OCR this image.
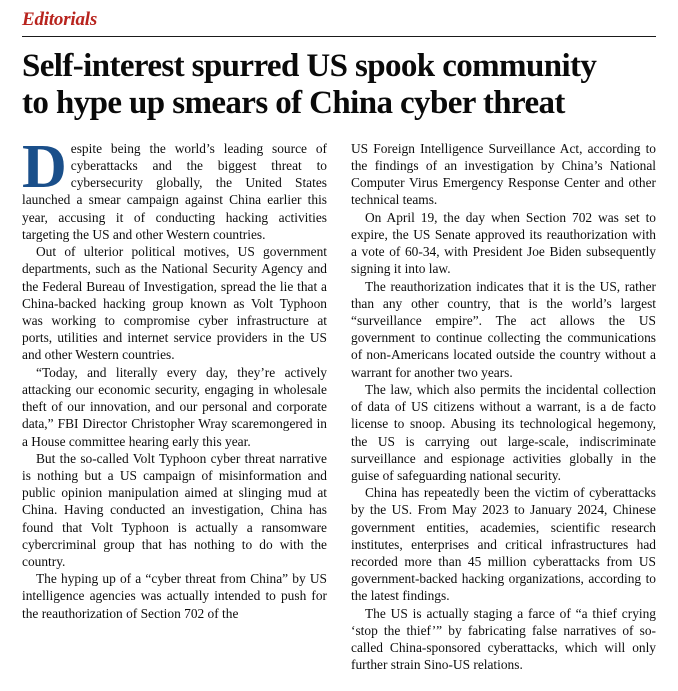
Editorials
Self-interest spurred US spook community
to hype up smears of China cyber threat

Despite being the world’s leading source of cyberattacks and the biggest threat to cybersecurity globally, the United States launched a smear campaign against China earlier this year, accusing it of conducting hacking activities targeting the US and other Western countries.

Out of ulterior political motives, US government departments, such as the National Security Agency and the Federal Bureau of Investigation, spread the lie that a China-backed hacking group known as Volt Typhoon was working to compromise cyber infrastructure at ports, utilities and internet service providers in the US and other Western countries.

“Today, and literally every day, they’re actively attacking our economic security, engaging in wholesale theft of our innovation, and our personal and corporate data,” FBI Director Christopher Wray scaremongered in a House committee hearing early this year.

But the so-called Volt Typhoon cyber threat narrative is nothing but a US campaign of misinformation and public opinion manipulation aimed at slinging mud at China. Having conducted an investigation, China has found that Volt Typhoon is actually a ransomware cybercriminal group that has nothing to do with the country.

The hyping up of a “cyber threat from China” by US intelligence agencies was actually intended to push for the reauthorization of Section 702 of the

US Foreign Intelligence Surveillance Act, according to the findings of an investigation by China’s National Computer Virus Emergency Response Center and other technical teams.

On April 19, the day when Section 702 was set to expire, the US Senate approved its reauthorization with a vote of 60-34, with President Joe Biden subsequently signing it into law.

The reauthorization indicates that it is the US, rather than any other country, that is the world’s largest “surveillance empire”. The act allows the US government to continue collecting the communications of non-Americans located outside the country without a warrant for another two years.

The law, which also permits the incidental collection of data of US citizens without a warrant, is a de facto license to snoop. Abusing its technological hegemony, the US is carrying out large-scale, indiscriminate surveillance and espionage activities globally in the guise of safeguarding national security.

China has repeatedly been the victim of cyberattacks by the US. From May 2023 to January 2024, Chinese government entities, academies, scientific research institutes, enterprises and critical infrastructures had recorded more than 45 million cyberattacks from US government-backed hacking organizations, according to the latest findings.

The US is actually staging a farce of “a thief crying ‘stop the thief’” by fabricating false narratives of so-called China-sponsored cyberattacks, which will only further strain Sino-US relations.
